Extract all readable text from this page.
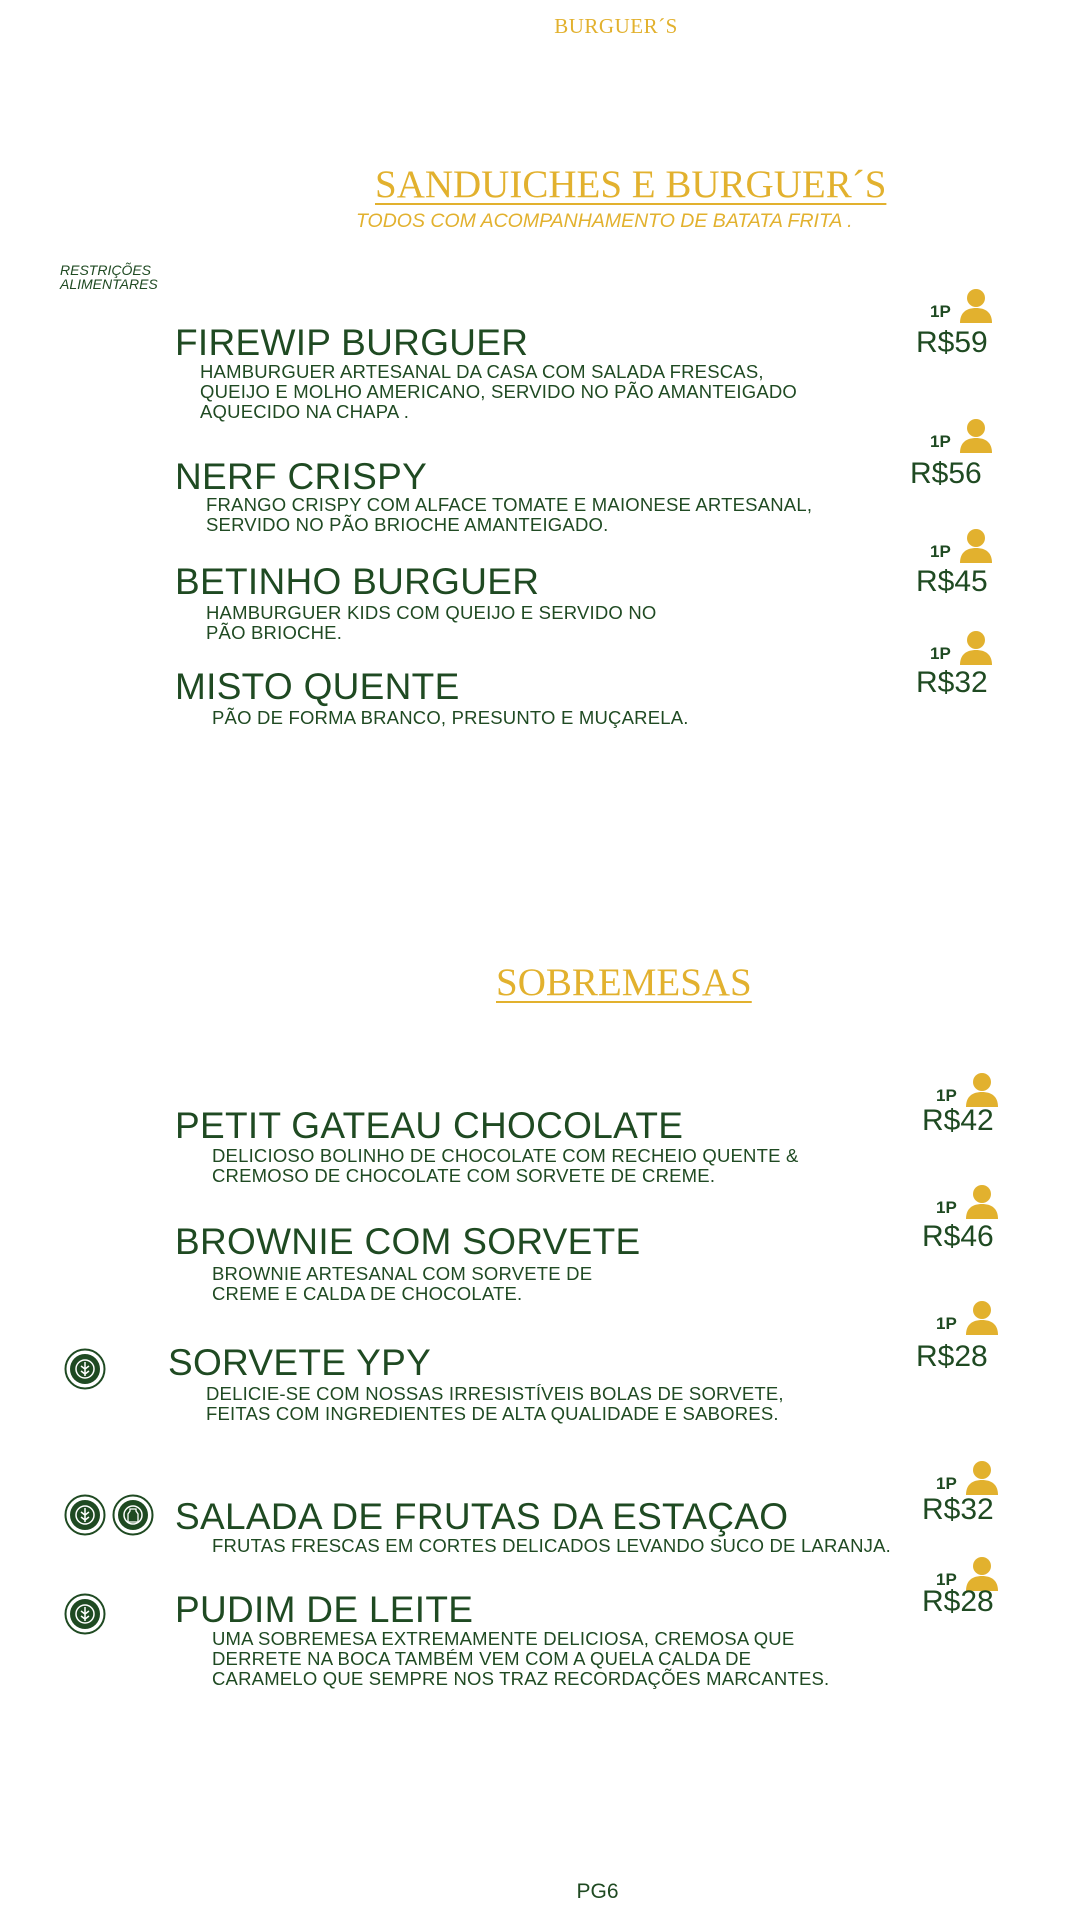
BURGUER´S
SANDUICHES E BURGUER´S
TODOS COM ACOMPANHAMENTO DE BATATA FRITA .
RESTRIÇÕES
ALIMENTARES
FIREWIP BURGUER
HAMBURGUER ARTESANAL DA CASA COM SALADA FRESCAS,
QUEIJO E MOLHO AMERICANO, SERVIDO NO PÃO AMANTEIGADO
AQUECIDO NA CHAPA .
1P
R$59
NERF CRISPY
FRANGO CRISPY COM ALFACE TOMATE E MAIONESE ARTESANAL,
SERVIDO NO PÃO BRIOCHE AMANTEIGADO.
1P
R$56
BETINHO BURGUER
HAMBURGUER KIDS COM QUEIJO E SERVIDO NO
PÃO BRIOCHE.
1P
R$45
MISTO QUENTE
PÃO DE FORMA BRANCO, PRESUNTO E MUÇARELA.
1P
R$32
SOBREMESAS
PETIT GATEAU CHOCOLATE
DELICIOSO BOLINHO DE CHOCOLATE COM RECHEIO QUENTE &
CREMOSO DE CHOCOLATE COM SORVETE DE CREME.
1P
R$42
BROWNIE COM SORVETE
BROWNIE ARTESANAL COM SORVETE DE
CREME E CALDA DE CHOCOLATE.
1P
R$46
SORVETE YPY
DELICIE-SE COM NOSSAS IRRESISTÍVEIS BOLAS DE SORVETE,
FEITAS COM INGREDIENTES DE ALTA QUALIDADE E SABORES.
1P
R$28
SALADA DE FRUTAS DA ESTAÇAO
FRUTAS FRESCAS EM CORTES DELICADOS LEVANDO SUCO DE LARANJA.
1P
R$32
PUDIM DE LEITE
UMA SOBREMESA EXTREMAMENTE DELICIOSA, CREMOSA QUE
DERRETE NA BOCA TAMBÉM VEM COM A QUELA CALDA DE
CARAMELO QUE SEMPRE NOS TRAZ RECORDAÇÕES MARCANTES.
1P
R$28
PG6
